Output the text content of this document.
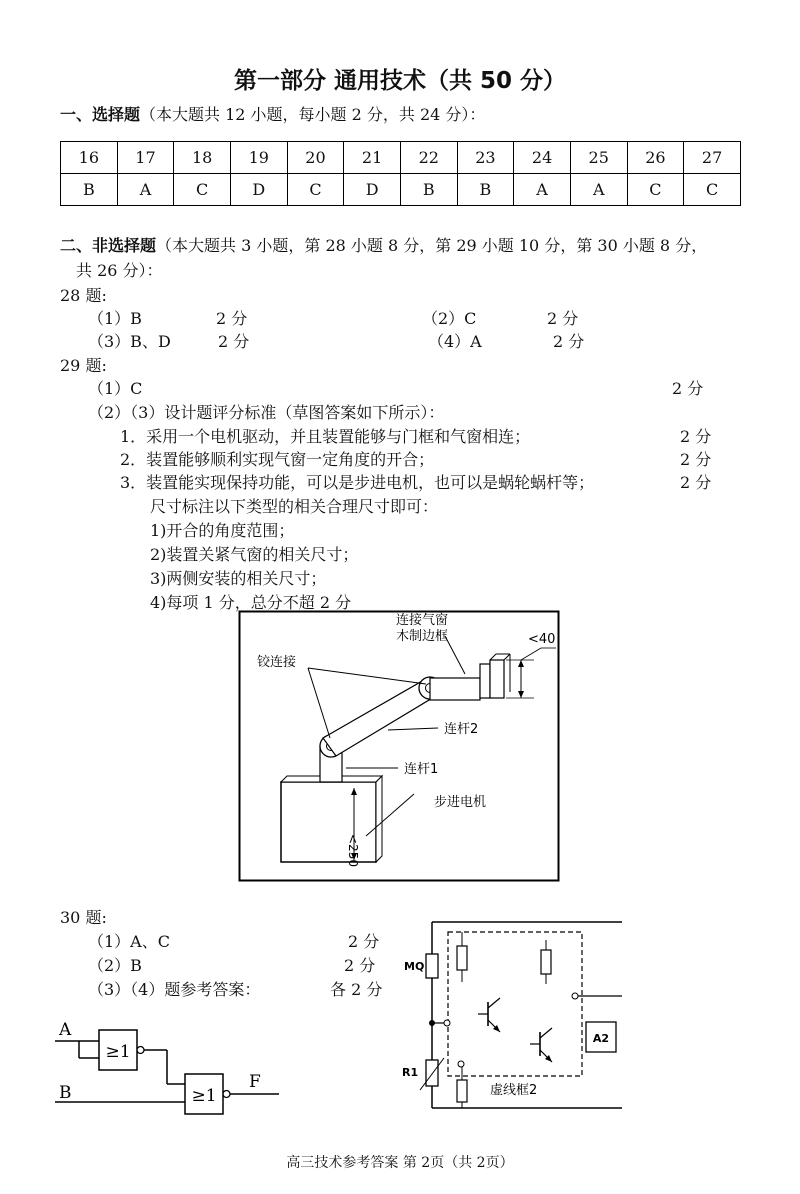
第一部分 通用技术（共 50 分）
一、选择题（本大题共 12 小题，每小题 2 分，共 24 分）：
16	17	18	19	20	21	22	23	24	25	26	27
B	A	C	D	C	D	B	B	A	A	C	C
二、非选择题（本大题共 3 小题，第 28 小题 8 分，第 29 小题 10 分，第 30 小题 8 分，
共 26 分）：
28 题:
（1）B	2 分	（2）C	2 分
（3）B、D	2 分	（4）A	2 分
29 题:
（1）C	2 分
（2）（3）设计题评分标准（草图答案如下所示）：
1．采用一个电机驱动，并且装置能够与门框和气窗相连；	2 分
2．装置能够顺利实现气窗一定角度的开合；	2 分
3．装置能实现保持功能，可以是步进电机，也可以是蜗轮蜗杆等；	2 分
尺寸标注以下类型的相关合理尺寸即可：
1)开合的角度范围；
2)装置关紧气窗的相关尺寸；
3)两侧安装的相关尺寸；
4)每项 1 分，总分不超 2 分
连接气窗
木制边框
铰连接
<40
连杆2
连杆1
步进电机
<250
30 题:
（1）A、C	2 分
（2）B	2 分
（3）（4）题参考答案：	各 2 分
A
B
F
≥1
≥1
MQ
R1
A2
虚线框2
高三技术参考答案 第 2页（共 2页）
